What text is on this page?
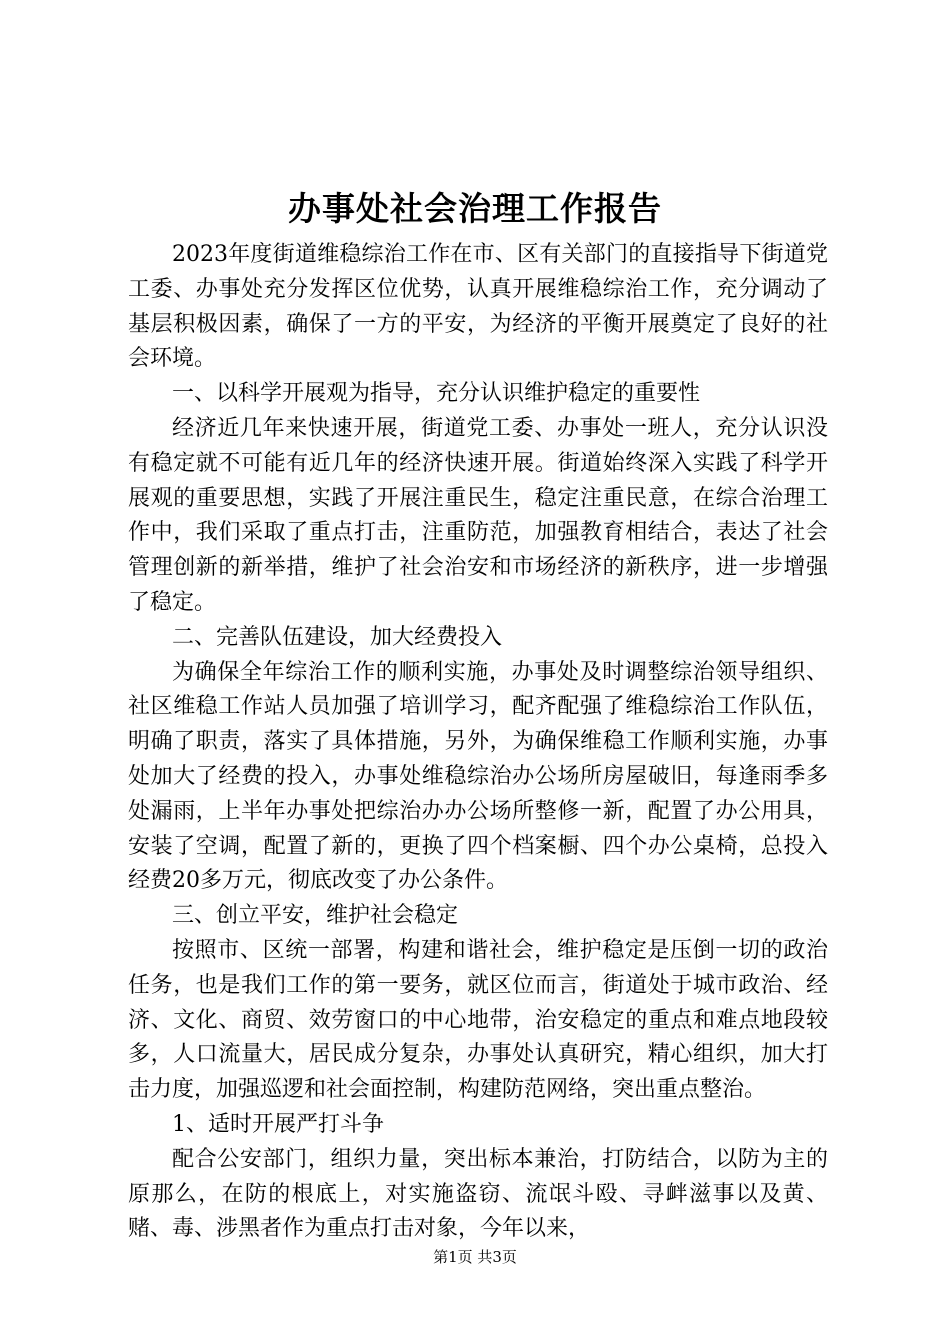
办事处社会治理工作报告

2023年度街道维稳综治工作在市、区有关部门的直接指导下街道党工委、办事处充分发挥区位优势，认真开展维稳综治工作，充分调动了基层积极因素，确保了一方的平安，为经济的平衡开展奠定了良好的社会环境。

一、以科学开展观为指导，充分认识维护稳定的重要性

经济近几年来快速开展，街道党工委、办事处一班人，充分认识没有稳定就不可能有近几年的经济快速开展。街道始终深入实践了科学开展观的重要思想，实践了开展注重民生，稳定注重民意，在综合治理工作中，我们采取了重点打击，注重防范，加强教育相结合，表达了社会管理创新的新举措，维护了社会治安和市场经济的新秩序，进一步增强了稳定。

二、完善队伍建设，加大经费投入

为确保全年综治工作的顺利实施，办事处及时调整综治领导组织、社区维稳工作站人员加强了培训学习，配齐配强了维稳综治工作队伍，明确了职责，落实了具体措施，另外，为确保维稳工作顺利实施，办事处加大了经费的投入，办事处维稳综治办公场所房屋破旧，每逢雨季多处漏雨，上半年办事处把综治办办公场所整修一新，配置了办公用具，安装了空调，配置了新的，更换了四个档案橱、四个办公桌椅，总投入经费20多万元，彻底改变了办公条件。

三、创立平安，维护社会稳定

按照市、区统一部署，构建和谐社会，维护稳定是压倒一切的政治任务，也是我们工作的第一要务，就区位而言，街道处于城市政治、经济、文化、商贸、效劳窗口的中心地带，治安稳定的重点和难点地段较多，人口流量大，居民成分复杂，办事处认真研究，精心组织，加大打击力度，加强巡逻和社会面控制，构建防范网络，突出重点整治。

1、适时开展严打斗争

配合公安部门，组织力量，突出标本兼治，打防结合，以防为主的原那么，在防的根底上，对实施盗窃、流氓斗殴、寻衅滋事以及黄、赌、毒、涉黑者作为重点打击对象，今年以来，

第1页 共3页
